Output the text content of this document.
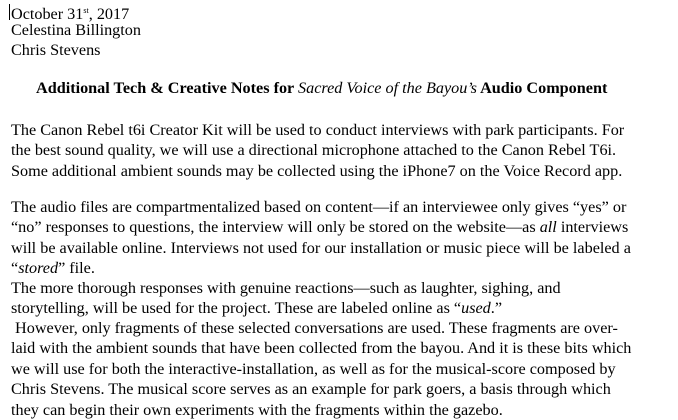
October 31st, 2017
Celestina Billington
Chris Stevens
Additional Tech & Creative Notes for Sacred Voice of the Bayou’s Audio Component
The Canon Rebel t6i Creator Kit will be used to conduct interviews with park participants. For
the best sound quality, we will use a directional microphone attached to the Canon Rebel T6i.
Some additional ambient sounds may be collected using the iPhone7 on the Voice Record app.
The audio files are compartmentalized based on content—if an interviewee only gives “yes” or
“no” responses to questions, the interview will only be stored on the website—as all interviews
will be available online. Interviews not used for our installation or music piece will be labeled a
“stored” file.
The more thorough responses with genuine reactions—such as laughter, sighing, and
storytelling, will be used for the project. These are labeled online as “used.”
However, only fragments of these selected conversations are used. These fragments are over-
laid with the ambient sounds that have been collected from the bayou. And it is these bits which
we will use for both the interactive-installation, as well as for the musical-score composed by
Chris Stevens. The musical score serves as an example for park goers, a basis through which
they can begin their own experiments with the fragments within the gazebo.
